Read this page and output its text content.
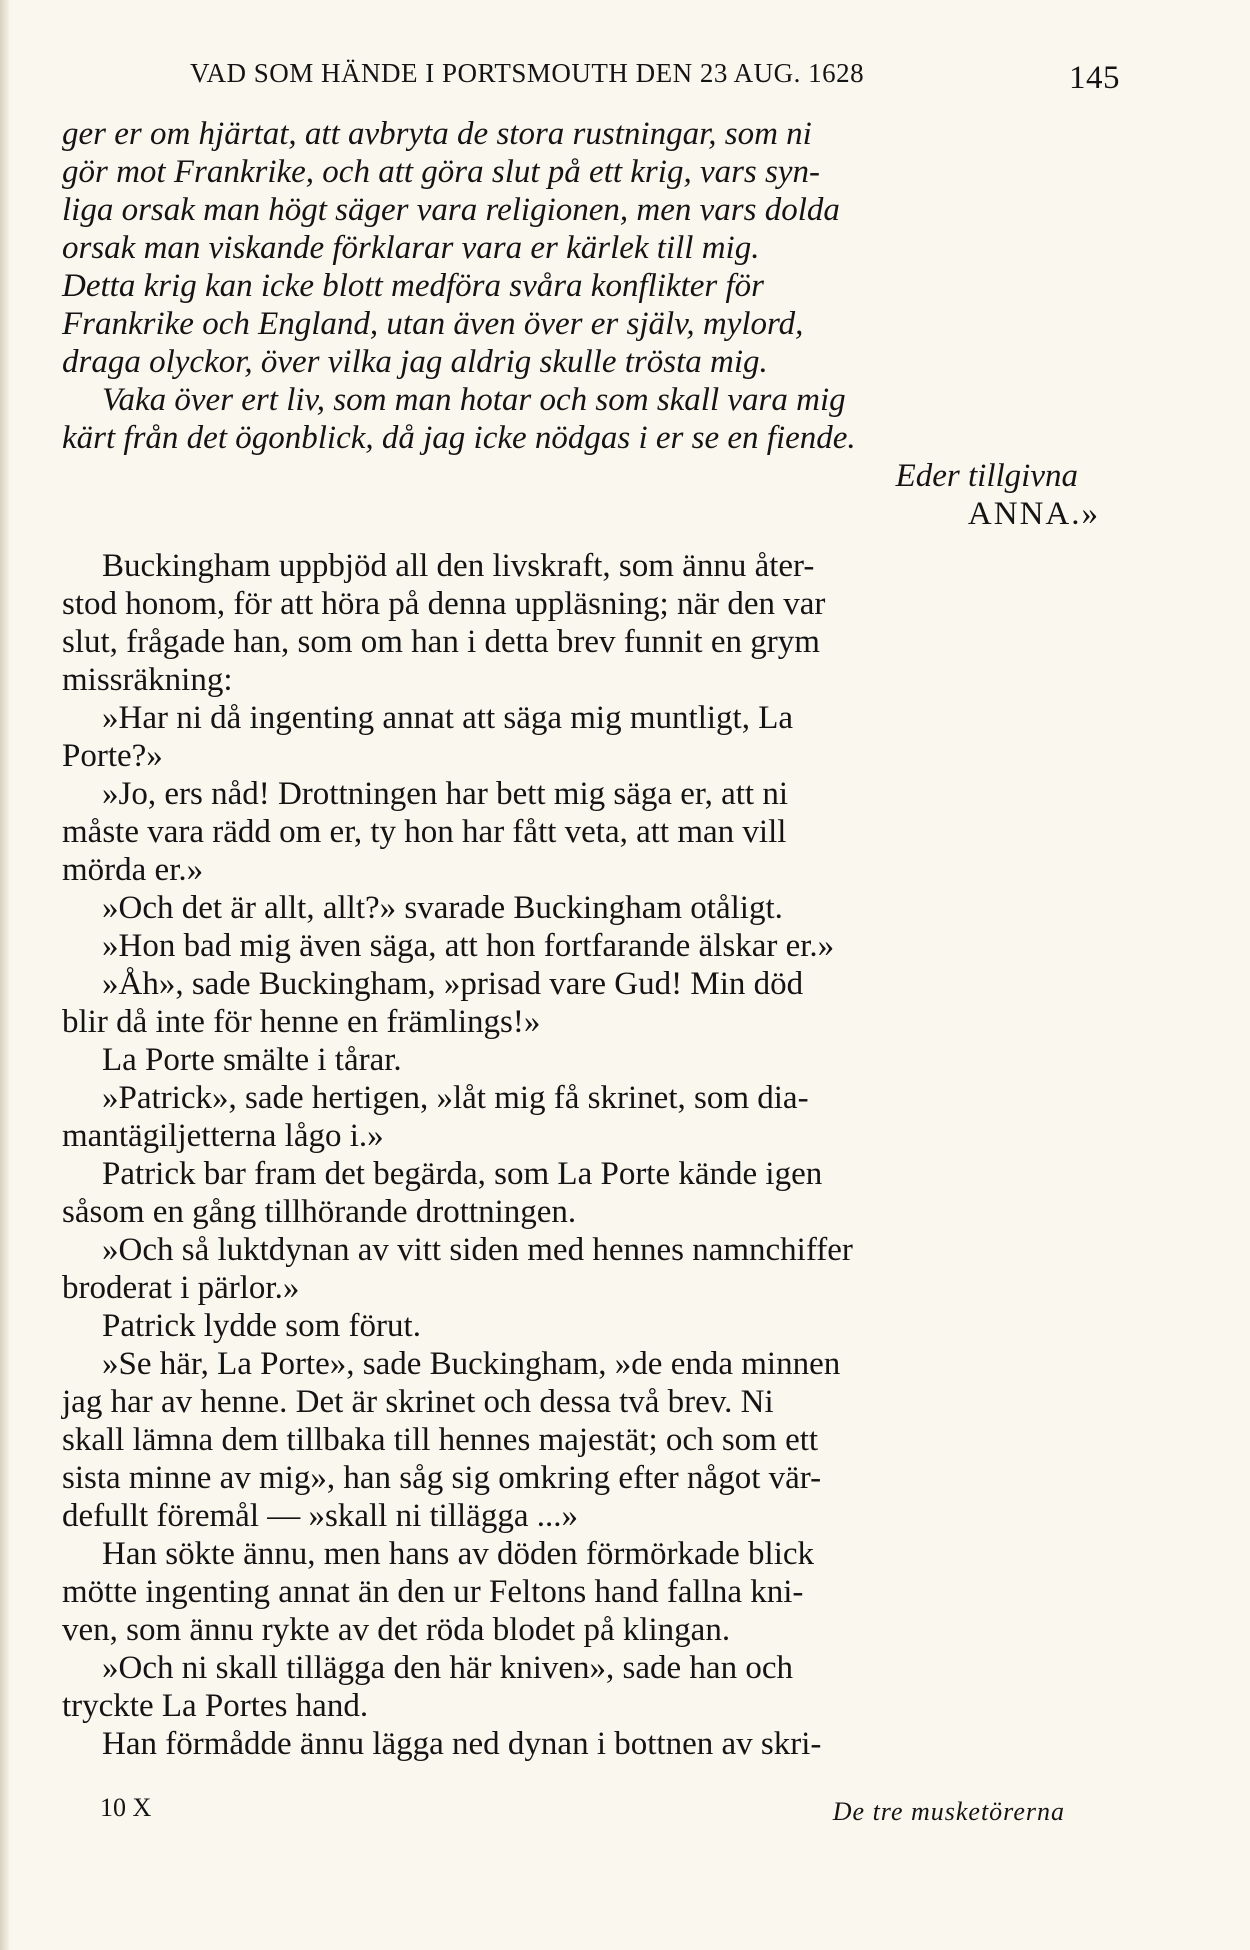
VAD SOM HÄNDE I PORTSMOUTH DEN 23 AUG. 1628	145
ger er om hjärtat, att avbryta de stora rustningar, som ni
gör mot Frankrike, och att göra slut på ett krig, vars syn-
liga orsak man högt säger vara religionen, men vars dolda
orsak man viskande förklarar vara er kärlek till mig.
Detta krig kan icke blott medföra svåra konflikter för
Frankrike och England, utan även över er själv, mylord,
draga olyckor, över vilka jag aldrig skulle trösta mig.
Vaka över ert liv, som man hotar och som skall vara mig
kärt från det ögonblick, då jag icke nödgas i er se en fiende.
Eder tillgivna
ANNA.»
Buckingham uppbjöd all den livskraft, som ännu åter-
stod honom, för att höra på denna uppläsning; när den var
slut, frågade han, som om han i detta brev funnit en grym
missräkning:
»Har ni då ingenting annat att säga mig muntligt, La
Porte?»
»Jo, ers nåd! Drottningen har bett mig säga er, att ni
måste vara rädd om er, ty hon har fått veta, att man vill
mörda er.»
»Och det är allt, allt?» svarade Buckingham otåligt.
»Hon bad mig även säga, att hon fortfarande älskar er.»
»Åh», sade Buckingham, »prisad vare Gud! Min död
blir då inte för henne en främlings!»
La Porte smälte i tårar.
»Patrick», sade hertigen, »låt mig få skrinet, som dia-
mantägiljetterna lågo i.»
Patrick bar fram det begärda, som La Porte kände igen
såsom en gång tillhörande drottningen.
»Och så luktdynan av vitt siden med hennes namnchiffer
broderat i pärlor.»
Patrick lydde som förut.
»Se här, La Porte», sade Buckingham, »de enda minnen
jag har av henne. Det är skrinet och dessa två brev. Ni
skall lämna dem tillbaka till hennes majestät; och som ett
sista minne av mig», han såg sig omkring efter något vär-
defullt föremål — »skall ni tillägga ...»
Han sökte ännu, men hans av döden förmörkade blick
mötte ingenting annat än den ur Feltons hand fallna kni-
ven, som ännu rykte av det röda blodet på klingan.
»Och ni skall tillägga den här kniven», sade han och
tryckte La Portes hand.
Han förmådde ännu lägga ned dynan i bottnen av skri-
10 X	De tre musketörerna
